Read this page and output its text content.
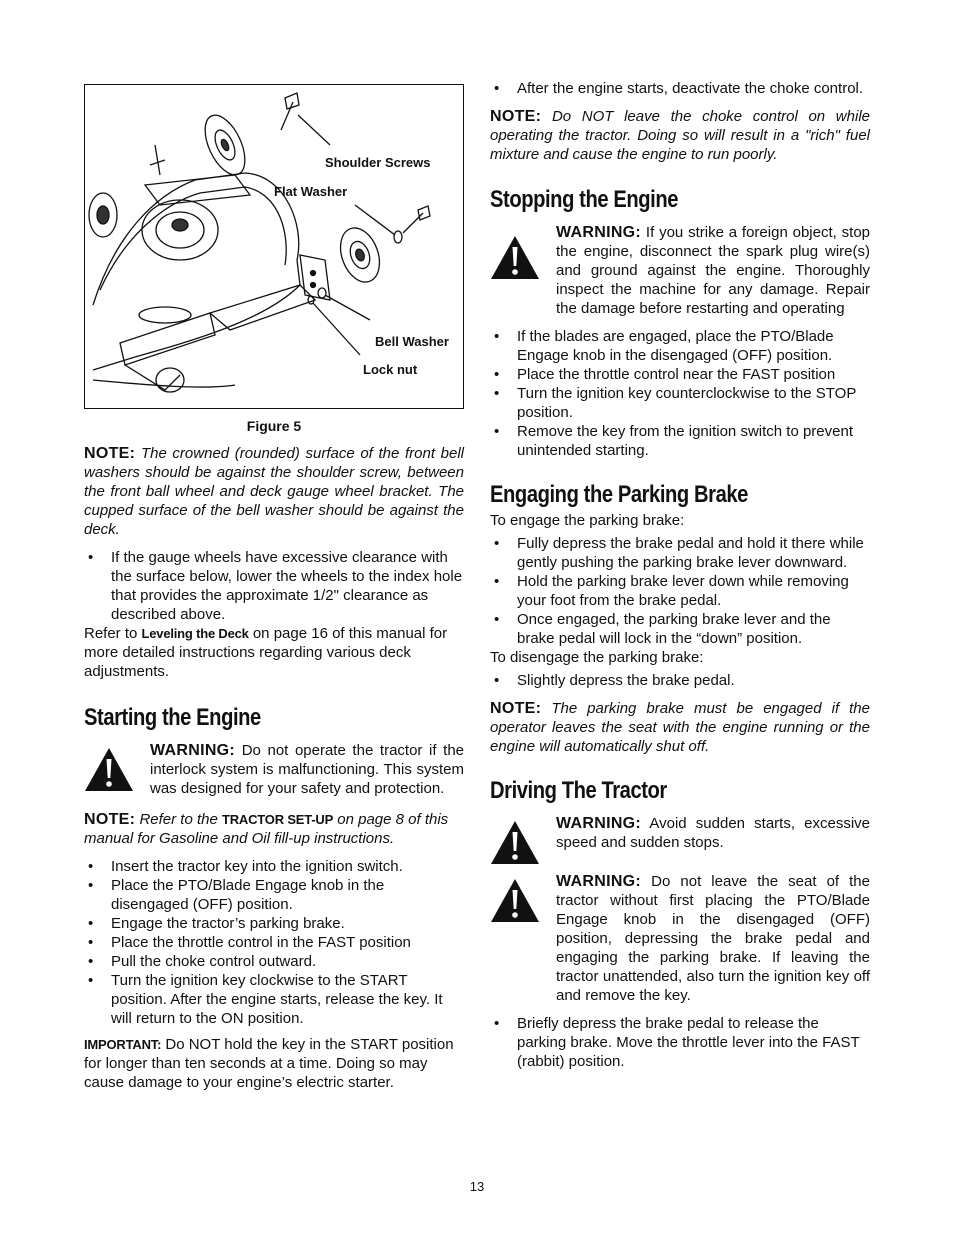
Shoulder Screws
Flat Washer
Bell Washer
Lock nut
Figure 5

NOTE: The crowned (rounded) surface of the front bell washers should be against the shoulder screw, between the front ball wheel and deck gauge wheel bracket. The cupped surface of the bell washer should be against the deck.

• If the gauge wheels have excessive clearance with the surface below, lower the wheels to the index hole that provides the approximate 1/2" clearance as described above.

Refer to Leveling the Deck on page 16 of this manual for more detailed instructions regarding various deck adjustments.

Starting the Engine

WARNING: Do not operate the tractor if the interlock system is malfunctioning. This system was designed for your safety and protection.

NOTE: Refer to the TRACTOR SET-UP on page 8 of this manual for Gasoline and Oil fill-up instructions.

• Insert the tractor key into the ignition switch.
• Place the PTO/Blade Engage knob in the disengaged (OFF) position.
• Engage the tractor’s parking brake.
• Place the throttle control in the FAST position
• Pull the choke control outward.
• Turn the ignition key clockwise to the START position. After the engine starts, release the key. It will return to the ON position.

IMPORTANT: Do NOT hold the key in the START position for longer than ten seconds at a time. Doing so may cause damage to your engine’s electric starter.

• After the engine starts, deactivate the choke control.

NOTE: Do NOT leave the choke control on while operating the tractor. Doing so will result in a "rich" fuel mixture and cause the engine to run poorly.

Stopping the Engine

WARNING: If you strike a foreign object, stop the engine, disconnect the spark plug wire(s) and ground against the engine. Thoroughly inspect the machine for any damage. Repair the damage before restarting and operating

• If the blades are engaged, place the PTO/Blade Engage knob in the disengaged (OFF) position.
• Place the throttle control near the FAST position
• Turn the ignition key counterclockwise to the STOP position.
• Remove the key from the ignition switch to prevent unintended starting.
Engaging the Parking Brake

To engage the parking brake:

• Fully depress the brake pedal and hold it there while gently pushing the parking brake lever downward.
• Hold the parking brake lever down while removing your foot from the brake pedal.
• Once engaged, the parking brake lever and the brake pedal will lock in the “down” position.

To disengage the parking brake:

• Slightly depress the brake pedal.

NOTE: The parking brake must be engaged if the operator leaves the seat with the engine running or the engine will automatically shut off.

Driving The Tractor

WARNING: Avoid sudden starts, excessive speed and sudden stops.

WARNING: Do not leave the seat of the tractor without first placing the PTO/Blade Engage knob in the disengaged (OFF) position, depressing the brake pedal and engaging the parking brake. If leaving the tractor unattended, also turn the ignition key off and remove the key.

• Briefly depress the brake pedal to release the parking brake. Move the throttle lever into the FAST (rabbit) position.
13
